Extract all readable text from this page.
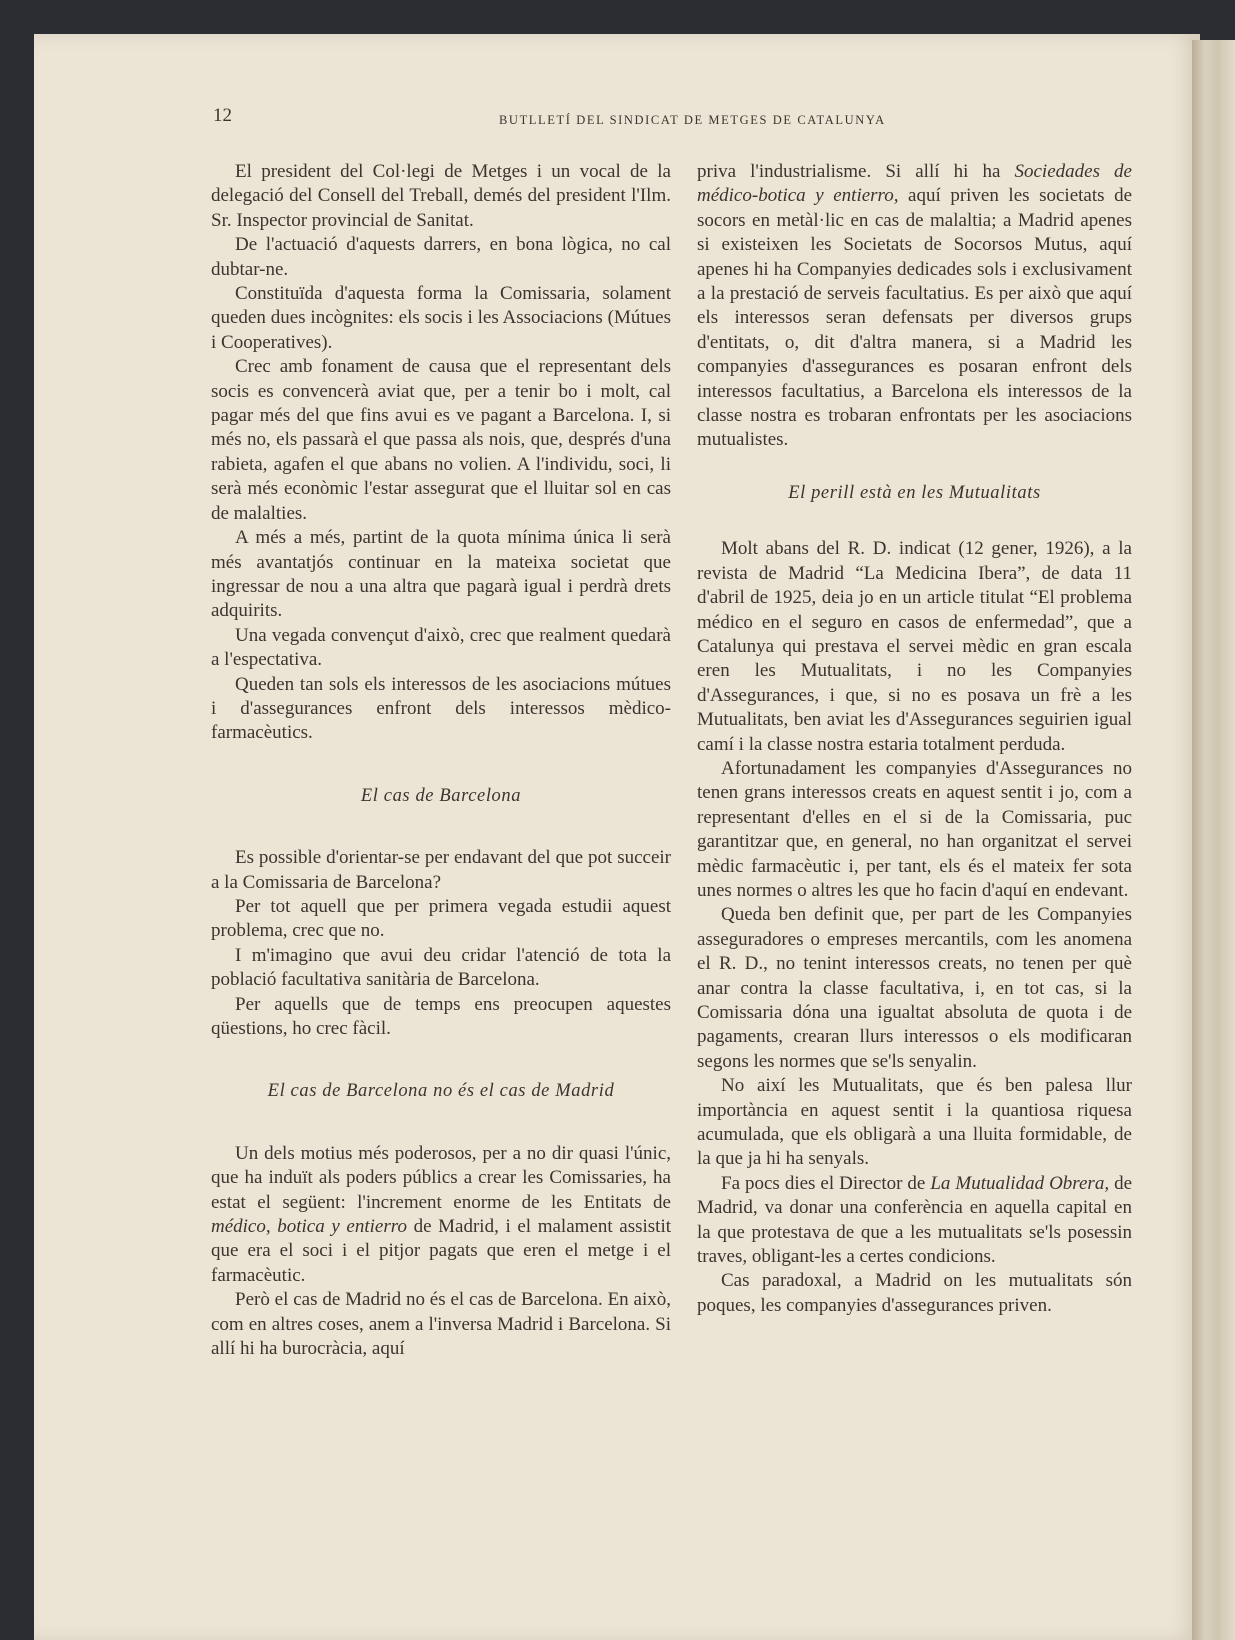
12	BUTLLETÍ DEL SINDICAT DE METGES DE CATALUNYA

El president del Col·legi de Metges i un vocal de la delegació del Consell del Treball, demés del president l'Ilm. Sr. Inspector provincial de Sanitat.

De l'actuació d'aquests darrers, en bona lògica, no cal dubtar-ne.

Constituïda d'aquesta forma la Comissaria, solament queden dues incògnites: els socis i les Associacions (Mútues i Cooperatives).

Crec amb fonament de causa que el representant dels socis es convencerà aviat que, per a tenir bo i molt, cal pagar més del que fins avui es ve pagant a Barcelona. I, si més no, els passarà el que passa als nois, que, després d'una rabieta, agafen el que abans no volien. A l'individu, soci, li serà més econòmic l'estar assegurat que el lluitar sol en cas de malalties.

A més a més, partint de la quota mínima única li serà més avantatjós continuar en la mateixa societat que ingressar de nou a una altra que pagarà igual i perdrà drets adquirits.

Una vegada convençut d'això, crec que realment quedarà a l'espectativa.

Queden tan sols els interessos de les asociacions mútues i d'assegurances enfront dels interessos mèdico-farmacèutics.

El cas de Barcelona

Es possible d'orientar-se per endavant del que pot succeir a la Comissaria de Barcelona?

Per tot aquell que per primera vegada estudii aquest problema, crec que no.

I m'imagino que avui deu cridar l'atenció de tota la població facultativa sanitària de Barcelona.

Per aquells que de temps ens preocupen aquestes qüestions, ho crec fàcil.

El cas de Barcelona no és el cas de Madrid

Un dels motius més poderosos, per a no dir quasi l'únic, que ha induït als poders públics a crear les Comissaries, ha estat el següent: l'increment enorme de les Entitats de médico, botica y entierro de Madrid, i el malament assistit que era el soci i el pitjor pagats que eren el metge i el farmacèutic.

Però el cas de Madrid no és el cas de Barcelona. En això, com en altres coses, anem a l'inversa Madrid i Barcelona. Si allí hi ha burocràcia, aquí

priva l'industrialisme. Si allí hi ha Sociedades de médico-botica y entierro, aquí priven les societats de socors en metàl·lic en cas de malaltia; a Madrid apenes si existeixen les Societats de Socorsos Mutus, aquí apenes hi ha Companyies dedicades sols i exclusivament a la prestació de serveis facultatius. Es per això que aquí els interessos seran defensats per diversos grups d'entitats, o, dit d'altra manera, si a Madrid les companyies d'assegurances es posaran enfront dels interessos facultatius, a Barcelona els interessos de la classe nostra es trobaran enfrontats per les asociacions mutualistes.

El perill està en les Mutualitats

Molt abans del R. D. indicat (12 gener, 1926), a la revista de Madrid “La Medicina Ibera”, de data 11 d'abril de 1925, deia jo en un article titulat “El problema médico en el seguro en casos de enfermedad”, que a Catalunya qui prestava el servei mèdic en gran escala eren les Mutualitats, i no les Companyies d'Assegurances, i que, si no es posava un frè a les Mutualitats, ben aviat les d'Assegurances seguirien igual camí i la classe nostra estaria totalment perduda.

Afortunadament les companyies d'Assegurances no tenen grans interessos creats en aquest sentit i jo, com a representant d'elles en el si de la Comissaria, puc garantitzar que, en general, no han organitzat el servei mèdic farmacèutic i, per tant, els és el mateix fer sota unes normes o altres les que ho facin d'aquí en endevant.

Queda ben definit que, per part de les Companyies asseguradores o empreses mercantils, com les anomena el R. D., no tenint interessos creats, no tenen per què anar contra la classe facultativa, i, en tot cas, si la Comissaria dóna una igualtat absoluta de quota i de pagaments, crearan llurs interessos o els modificaran segons les normes que se'ls senyalin.

No així les Mutualitats, que és ben palesa llur importància en aquest sentit i la quantiosa riquesa acumulada, que els obligarà a una lluita formidable, de la que ja hi ha senyals.

Fa pocs dies el Director de La Mutualidad Obrera, de Madrid, va donar una conferència en aquella capital en la que protestava de que a les mutualitats se'ls posessin traves, obligant-les a certes condicions.

Cas paradoxal, a Madrid on les mutualitats són poques, les companyies d'assegurances priven.
